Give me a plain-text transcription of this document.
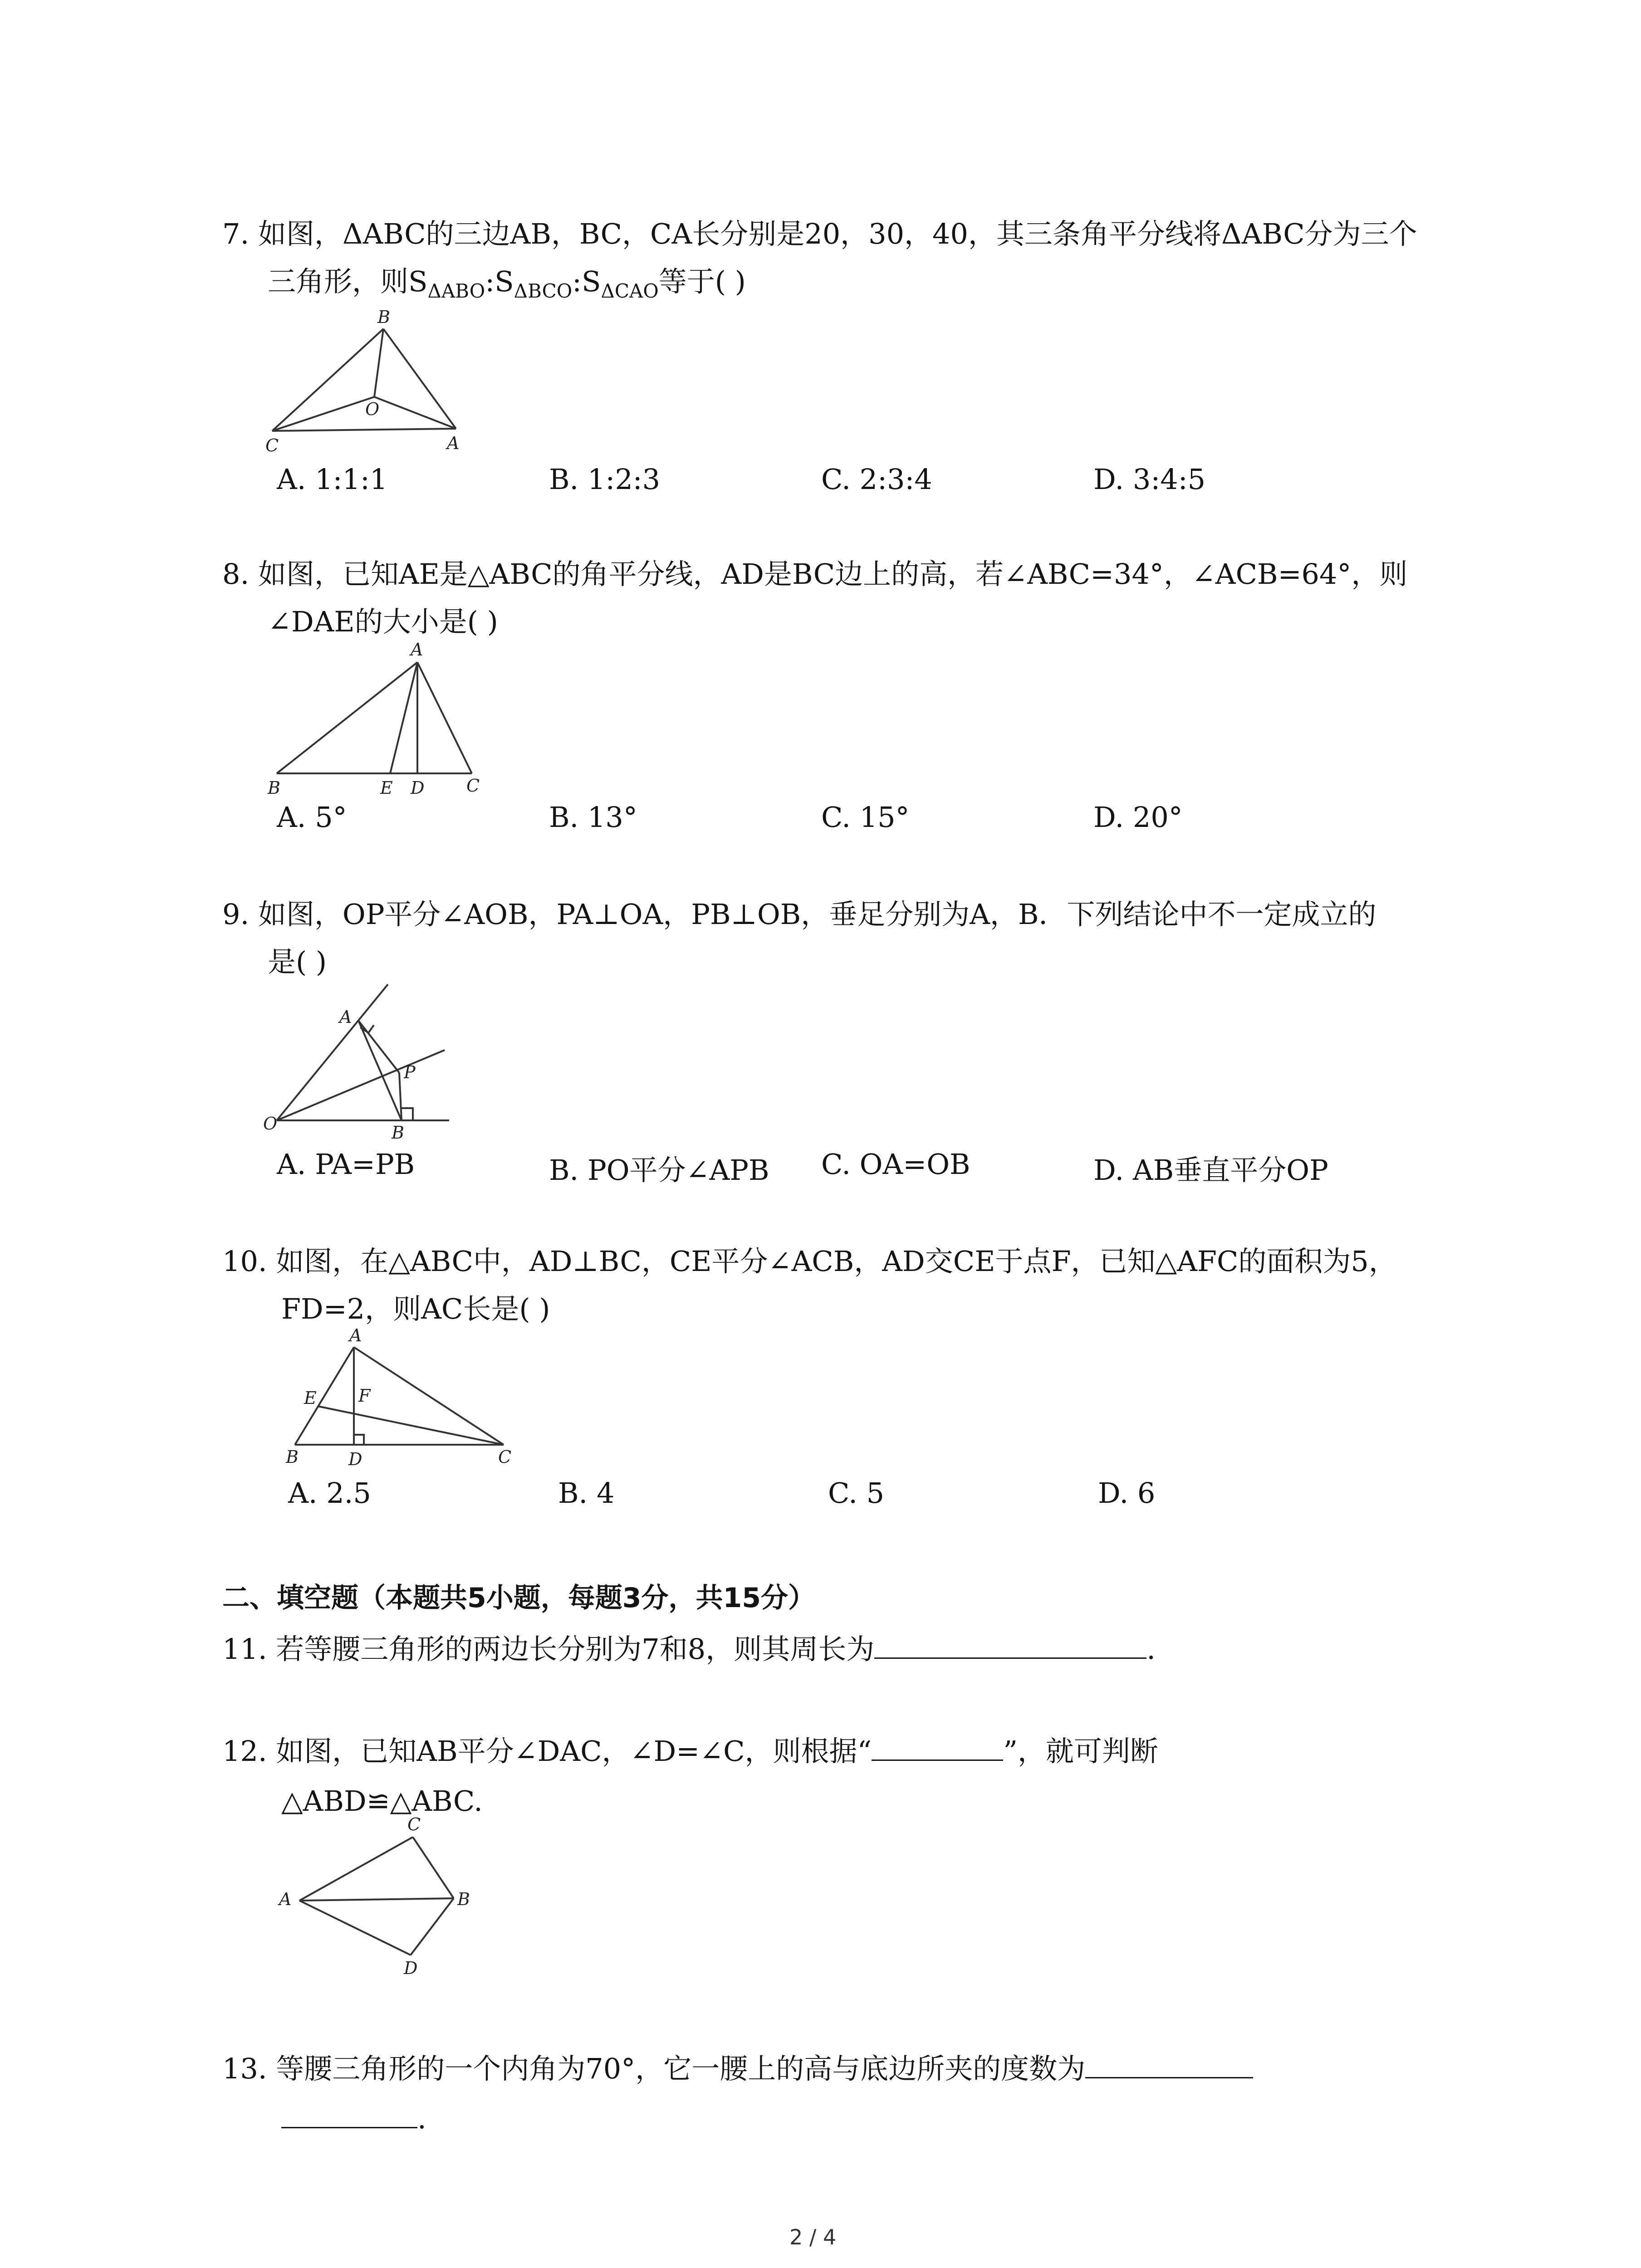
7. 如图，ΔABC的三边AB，BC，CA长分别是20，30，40，其三条角平分线将ΔABC分为三个
三角形，则$S_{\Delta ABO}:S_{\Delta BCO}:S_{\Delta CAO}$等于( )
B
O
C	A
A. 1:1:1	B. 1:2:3	C. 2:3:4	D. 3:4:5
8. 如图，已知AE是△ABC的角平分线，AD是BC边上的高，若∠ABC=34°，∠ACB=64°，则
∠DAE的大小是( )
A
B	E D C
A. 5°	B. 13°	C. 15°	D. 20°
9. 如图，OP平分∠AOB，PA⊥OA，PB⊥OB，垂足分别为A，B．下列结论中不一定成立的
是( )
A
P
O	B
A. PA=PB	B. PO平分∠APB C. OA=OB	D. AB垂直平分OP
10. 如图，在△ABC中，AD⊥BC，CE平分∠ACB，AD交CE于点F，已知△AFC的面积为5，
FD=2，则AC长是( )
A
E F
B	D	C
A. 2.5	B. 4	C. 5	D. 6
二、填空题（本题共5小题，每题3分，共15分）
11. 若等腰三角形的两边长分别为7和8，则其周长为	.
12. 如图，已知AB平分∠DAC，∠D=∠C，则根据“	”，就可判断
△ABD≌△ABC.
C
A	B
D
13. 等腰三角形的一个内角为70°，它一腰上的高与底边所夹的度数为
.
2 / 4
